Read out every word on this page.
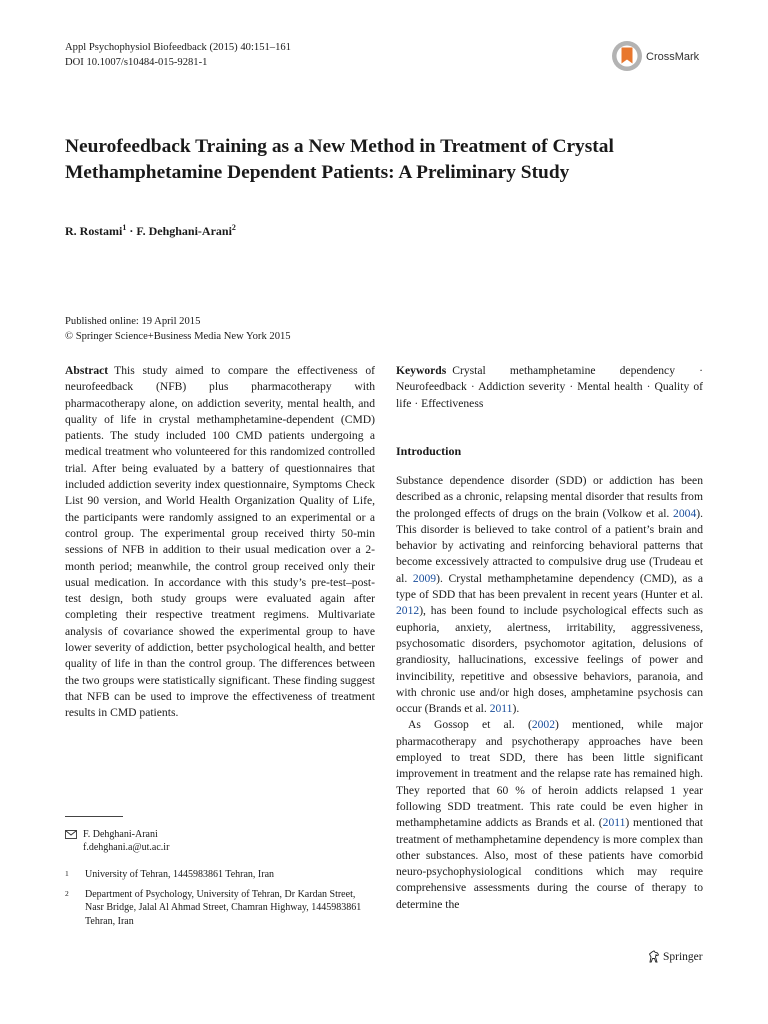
Appl Psychophysiol Biofeedback (2015) 40:151–161
DOI 10.1007/s10484-015-9281-1	CrossMark
Neurofeedback Training as a New Method in Treatment of Crystal Methamphetamine Dependent Patients: A Preliminary Study
R. Rostami$^1$ · F. Dehghani-Arani$^2$
Published online: 19 April 2015
© Springer Science+Business Media New York 2015
Abstract This study aimed to compare the effectiveness of neurofeedback (NFB) plus pharmacotherapy with pharmacotherapy alone, on addiction severity, mental health, and quality of life in crystal methamphetamine-dependent (CMD) patients. The study included 100 CMD patients undergoing a medical treatment who volunteered for this randomized controlled trial. After being evaluated by a battery of questionnaires that included addiction severity index questionnaire, Symptoms Check List 90 version, and World Health Organization Quality of Life, the participants were randomly assigned to an experimental or a control group. The experimental group received thirty 50-min sessions of NFB in addition to their usual medication over a 2-month period; meanwhile, the control group received only their usual medication. In accordance with this study’s pre-test–post-test design, both study groups were evaluated again after completing their respective treatment regimens. Multivariate analysis of covariance showed the experimental group to have lower severity of addiction, better psychological health, and better quality of life in than the control group. The differences between the two groups were statistically significant. These finding suggest that NFB can be used to improve the effectiveness of treatment results in CMD patients.
Keywords Crystal methamphetamine dependency · Neurofeedback · Addiction severity · Mental health · Quality of life · Effectiveness
Introduction

Substance dependence disorder (SDD) or addiction has been described as a chronic, relapsing mental disorder that results from the prolonged effects of drugs on the brain (Volkow et al. 2004). This disorder is believed to take control of a patient’s brain and behavior by activating and reinforcing behavioral patterns that become excessively attracted to compulsive drug use (Trudeau et al. 2009). Crystal methamphetamine dependency (CMD), as a type of SDD that has been prevalent in recent years (Hunter et al. 2012), has been found to include psychological effects such as euphoria, anxiety, alertness, irritability, aggressiveness, psychosomatic disorders, psychomotor agitation, delusions of grandiosity, hallucinations, excessive feelings of power and invincibility, repetitive and obsessive behaviors, paranoia, and with chronic use and/or high doses, amphetamine psychosis can occur (Brands et al. 2011).

As Gossop et al. (2002) mentioned, while major pharmacotherapy and psychotherapy approaches have been employed to treat SDD, there has been little significant improvement in treatment and the relapse rate has remained high. They reported that 60 % of heroin addicts relapsed 1 year following SDD treatment. This rate could be even higher in methamphetamine addicts as Brands et al. (2011) mentioned that treatment of methamphetamine dependency is more complex than other substances. Also, most of these patients have comorbid neuro-psychophysiological conditions which may require comprehensive assessments during the course of therapy to determine the

F. Dehghani-Arani
f.dehghani.a@ut.ac.ir
1	University of Tehran, 1445983861 Tehran, Iran
2	Department of Psychology, University of Tehran, Dr Kardan Street, Nasr Bridge, Jalal Al Ahmad Street, Chamran Highway, 1445983861 Tehran, Iran
Springer
